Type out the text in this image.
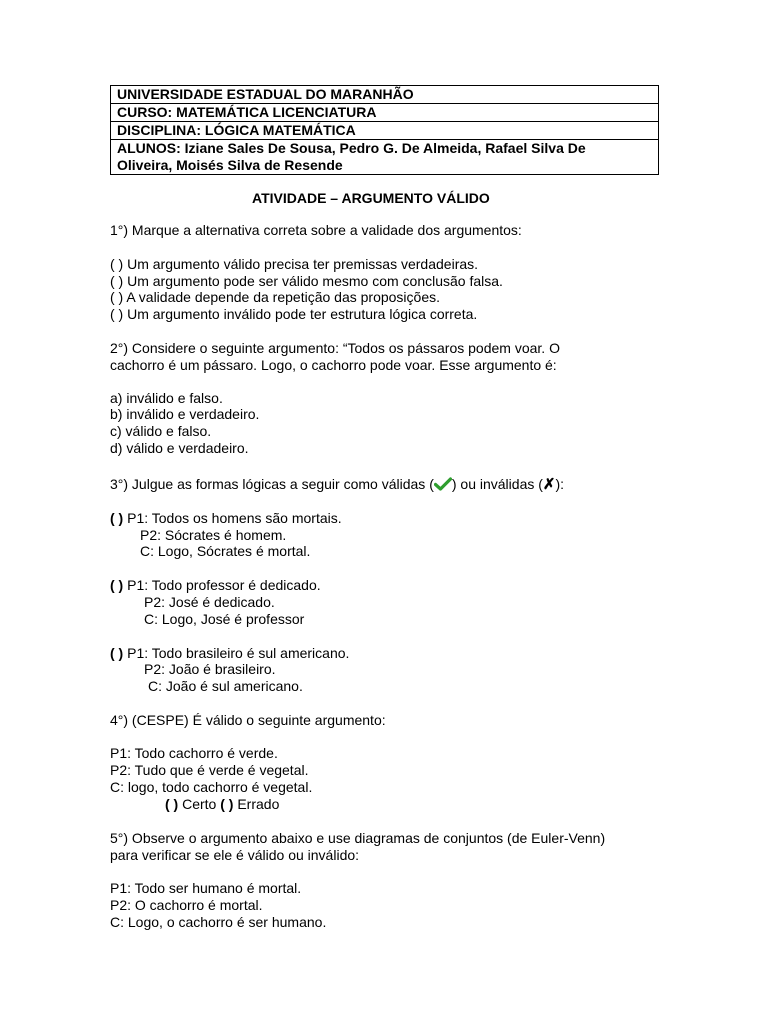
UNIVERSIDADE ESTADUAL DO MARANHÃO
CURSO: MATEMÁTICA LICENCIATURA
DISCIPLINA: LÓGICA MATEMÁTICA

ALUNOS: Iziane Sales De Sousa, Pedro G. De Almeida, Rafael Silva De
Oliveira, Moisés Silva de Resende
ATIVIDADE – ARGUMENTO VÁLIDO
1°) Marque a alternativa correta sobre a validade dos argumentos:
( ) Um argumento válido precisa ter premissas verdadeiras.
( ) Um argumento pode ser válido mesmo com conclusão falsa.
( ) A validade depende da repetição das proposições.
( ) Um argumento inválido pode ter estrutura lógica correta.
2°) Considere o seguinte argumento: “Todos os pássaros podem voar. O
cachorro é um pássaro. Logo, o cachorro pode voar. Esse argumento é:
a) inválido e falso.
b) inválido e verdadeiro.
c) válido e falso.
d) válido e verdadeiro.
3°) Julgue as formas lógicas a seguir como válidas ( ) ou inválidas (✗):
( ) P1: Todos os homens são mortais.
P2: Sócrates é homem.
C: Logo, Sócrates é mortal.
( ) P1: Todo professor é dedicado.
P2: José é dedicado.
C: Logo, José é professor
( ) P1: Todo brasileiro é sul americano.
P2: João é brasileiro.
C: João é sul americano.
4°) (CESPE) É válido o seguinte argumento:
P1: Todo cachorro é verde.
P2: Tudo que é verde é vegetal.
C: logo, todo cachorro é vegetal.
( ) Certo ( ) Errado
5°) Observe o argumento abaixo e use diagramas de conjuntos (de Euler-Venn)
para verificar se ele é válido ou inválido:
P1: Todo ser humano é mortal.
P2: O cachorro é mortal.
C: Logo, o cachorro é ser humano.
